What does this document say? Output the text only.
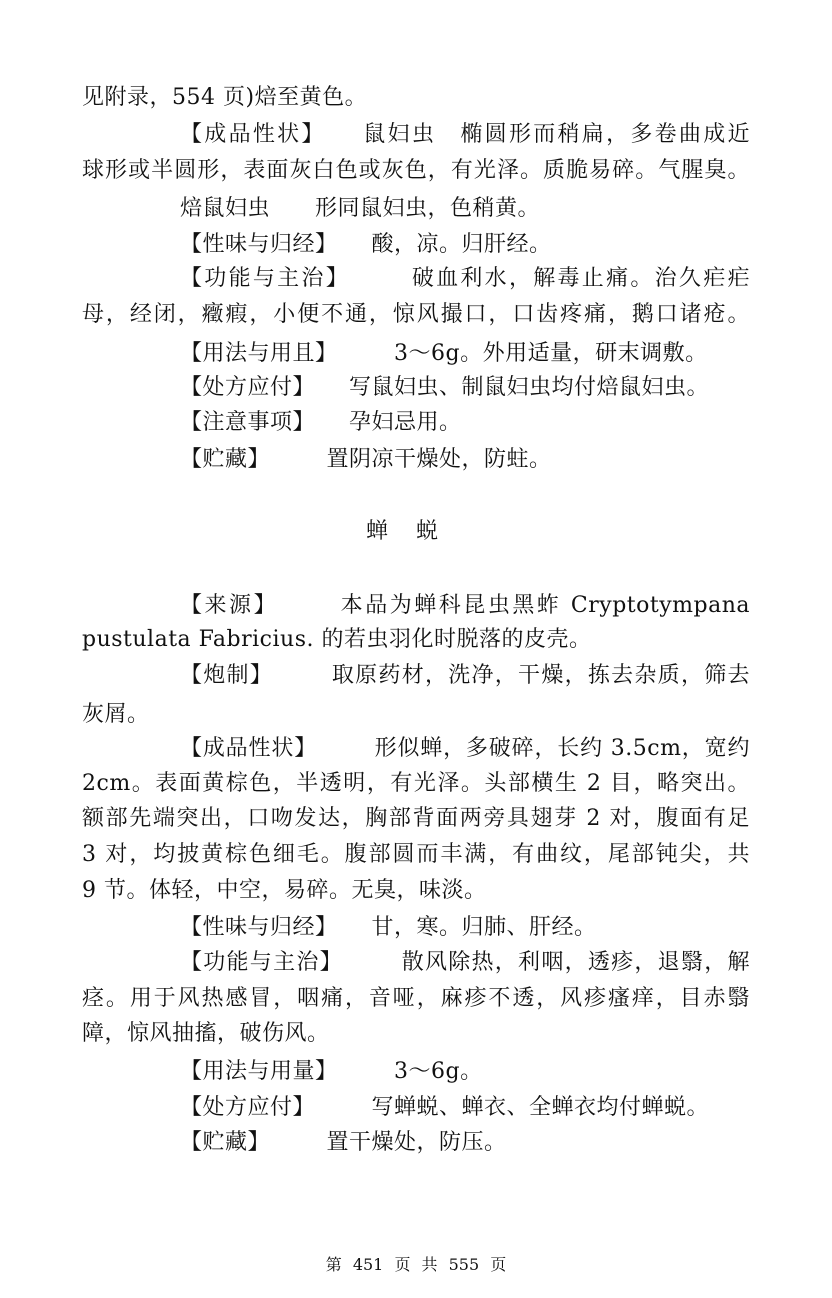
见附录，554 页)焙至黄色。
【成品性状】　　鼠妇虫　椭圆形而稍扁，多卷曲成近
球形或半圆形，表面灰白色或灰色，有光泽。质脆易碎。气腥臭。
焙鼠妇虫　　形同鼠妇虫，色稍黄。
【性味与归经】　　酸，凉。归肝经。
【功能与主治】　　　破血利水，解毒止痛。治久疟疟
母，经闭，癥瘕，小便不通，惊风撮口，口齿疼痛，鹅口诸疮。
【用法与用且】　　　3～6g。外用适量，研末调敷。
【处方应付】　　写鼠妇虫、制鼠妇虫均付焙鼠妇虫。
【注意事项】　　孕妇忌用。
【贮藏】　　　置阴凉干燥处，防蛀。
蝉蜕
【来源】　　　本品为蝉科昆虫黑蚱 Cryptotympana
pustulata Fabricius. 的若虫羽化时脱落的皮壳。
【炮制】　　　取原药材，洗净，干燥，拣去杂质，筛去
灰屑。
【成品性状】　　　形似蝉，多破碎，长约 3.5cm，宽约
2cm。表面黄棕色，半透明，有光泽。头部横生 2 目，略突出。
额部先端突出，口吻发达，胸部背面两旁具翅芽 2 对，腹面有足
3 对，均披黄棕色细毛。腹部圆而丰满，有曲纹，尾部钝尖，共
9 节。体轻，中空，易碎。无臭，味淡。
【性味与归经】　　甘，寒。归肺、肝经。
【功能与主治】　　　散风除热，利咽，透疹，退翳，解
痉。用于风热感冒，咽痛，音哑，麻疹不透，风疹瘙痒，目赤翳
障，惊风抽搐，破伤风。
【用法与用量】　　　3～6g。
【处方应付】　　　写蝉蜕、蝉衣、全蝉衣均付蝉蜕。
【贮藏】　　　置干燥处，防压。
第 451 页 共 555 页
